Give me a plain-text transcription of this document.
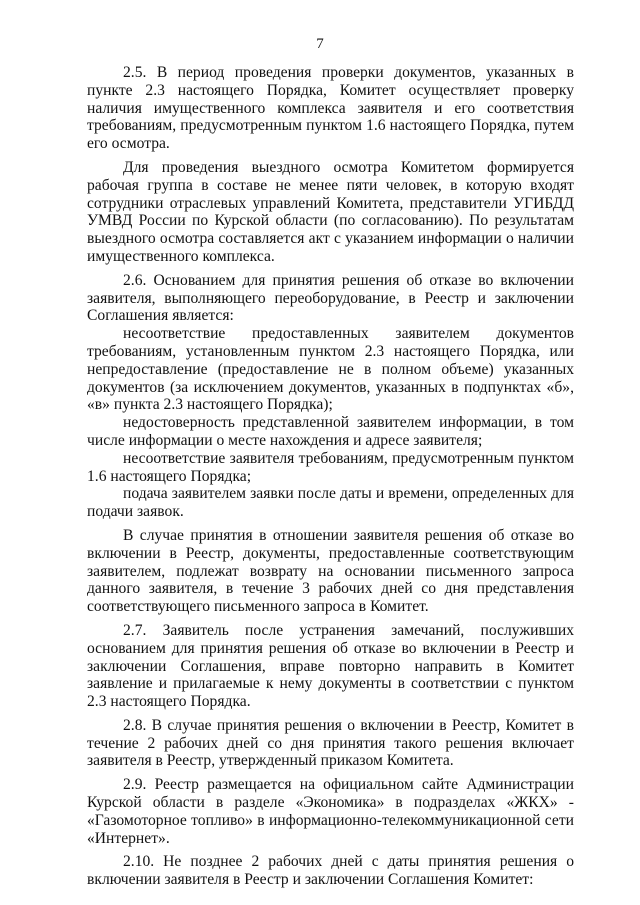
7

2.5. В период проведения проверки документов, указанных в пункте 2.3 настоящего Порядка, Комитет осуществляет проверку наличия имущественного комплекса заявителя и его соответствия требованиям, предусмотренным пунктом 1.6 настоящего Порядка, путем его осмотра.

Для проведения выездного осмотра Комитетом формируется рабочая группа в составе не менее пяти человек, в которую входят сотрудники отраслевых управлений Комитета, представители УГИБДД УМВД России по Курской области (по согласованию). По результатам выездного осмотра составляется акт с указанием информации о наличии имущественного комплекса.

2.6. Основанием для принятия решения об отказе во включении заявителя, выполняющего переоборудование, в Реестр и заключении Соглашения является:

несоответствие предоставленных заявителем документов требованиям, установленным пунктом 2.3 настоящего Порядка, или непредоставление (предоставление не в полном объеме) указанных документов (за исключением документов, указанных в подпунктах «б», «в» пункта 2.3 настоящего Порядка);

недостоверность представленной заявителем информации, в том числе информации о месте нахождения и адресе заявителя;

несоответствие заявителя требованиям, предусмотренным пунктом 1.6 настоящего Порядка;

подача заявителем заявки после даты и времени, определенных для подачи заявок.

В случае принятия в отношении заявителя решения об отказе во включении в Реестр, документы, предоставленные соответствующим заявителем, подлежат возврату на основании письменного запроса данного заявителя, в течение 3 рабочих дней со дня представления соответствующего письменного запроса в Комитет.

2.7. Заявитель после устранения замечаний, послуживших основанием для принятия решения об отказе во включении в Реестр и заключении Соглашения, вправе повторно направить в Комитет заявление и прилагаемые к нему документы в соответствии с пунктом 2.3 настоящего Порядка.

2.8. В случае принятия решения о включении в Реестр, Комитет в течение 2 рабочих дней со дня принятия такого решения включает заявителя в Реестр, утвержденный приказом Комитета.

2.9. Реестр размещается на официальном сайте Администрации Курской области в разделе «Экономика» в подразделах «ЖКХ» - «Газомоторное топливо» в информационно-телекоммуникационной сети «Интернет».

2.10. Не позднее 2 рабочих дней с даты принятия решения о включении заявителя в Реестр и заключении Соглашения Комитет:
